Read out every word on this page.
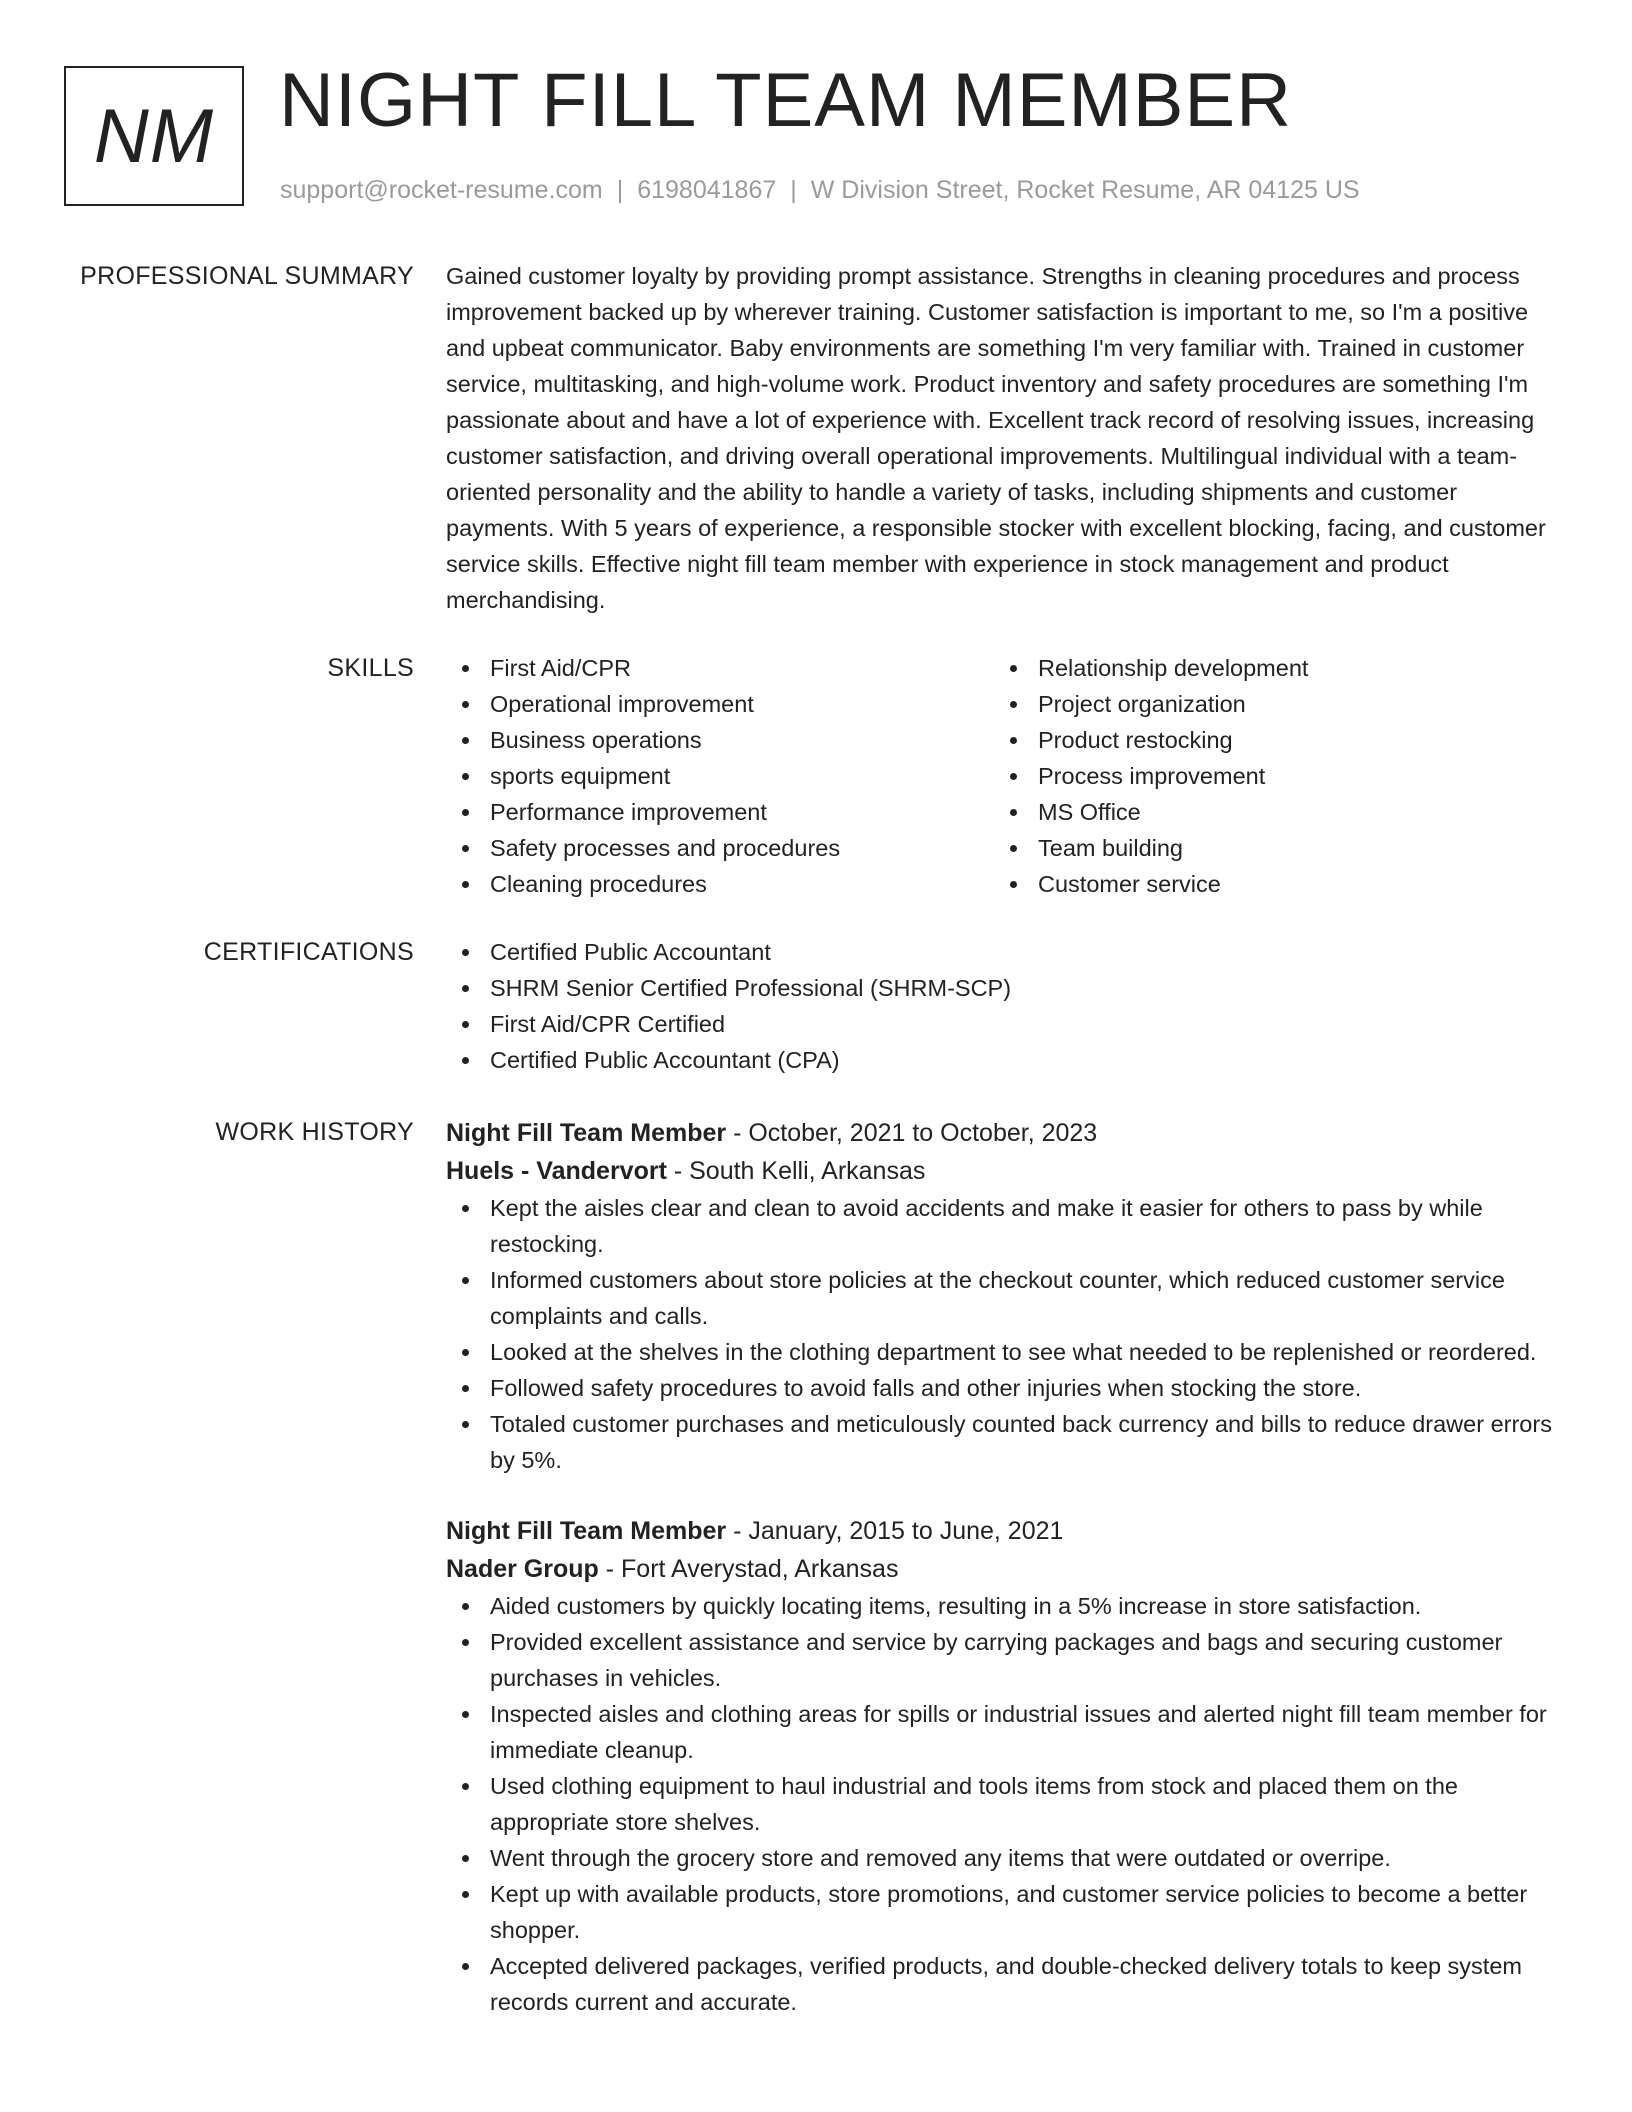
NM NIGHT FILL TEAM MEMBER
support@rocket-resume.com | 6198041867 | W Division Street, Rocket Resume, AR 04125 US
PROFESSIONAL SUMMARY Gained customer loyalty by providing prompt assistance. Strengths in cleaning procedures and process improvement backed up by wherever training. Customer satisfaction is important to me, so I'm a positive and upbeat communicator. Baby environments are something I'm very familiar with. Trained in customer service, multitasking, and high-volume work. Product inventory and safety procedures are something I'm passionate about and have a lot of experience with. Excellent track record of resolving issues, increasing customer satisfaction, and driving overall operational improvements. Multilingual individual with a team-oriented personality and the ability to handle a variety of tasks, including shipments and customer payments. With 5 years of experience, a responsible stocker with excellent blocking, facing, and customer service skills. Effective night fill team member with experience in stock management and product merchandising.

SKILLS	First Aid/CPR
Operational improvement
Business operations
sports equipment
Performance improvement
Safety processes and procedures
Cleaning procedures
Relationship development
Project organization
Product restocking
Process improvement
MS Office
Team building
Customer service
CERTIFICATIONS	Certified Public Accountant
SHRM Senior Certified Professional (SHRM-SCP)
First Aid/CPR Certified
Certified Public Accountant (CPA)
WORK HISTORY Night Fill Team Member - October, 2021 to October, 2023
Huels - Vandervort - South Kelli, Arkansas
Kept the aisles clear and clean to avoid accidents and make it easier for others to pass by while restocking.
Informed customers about store policies at the checkout counter, which reduced customer service complaints and calls.
Looked at the shelves in the clothing department to see what needed to be replenished or reordered.
Followed safety procedures to avoid falls and other injuries when stocking the store.
Totaled customer purchases and meticulously counted back currency and bills to reduce drawer errors by 5%.
Night Fill Team Member - January, 2015 to June, 2021
Nader Group - Fort Averystad, Arkansas
Aided customers by quickly locating items, resulting in a 5% increase in store satisfaction.
Provided excellent assistance and service by carrying packages and bags and securing customer purchases in vehicles.
Inspected aisles and clothing areas for spills or industrial issues and alerted night fill team member for immediate cleanup.
Used clothing equipment to haul industrial and tools items from stock and placed them on the appropriate store shelves.
Went through the grocery store and removed any items that were outdated or overripe.
Kept up with available products, store promotions, and customer service policies to become a better shopper.
Accepted delivered packages, verified products, and double-checked delivery totals to keep system records current and accurate.
